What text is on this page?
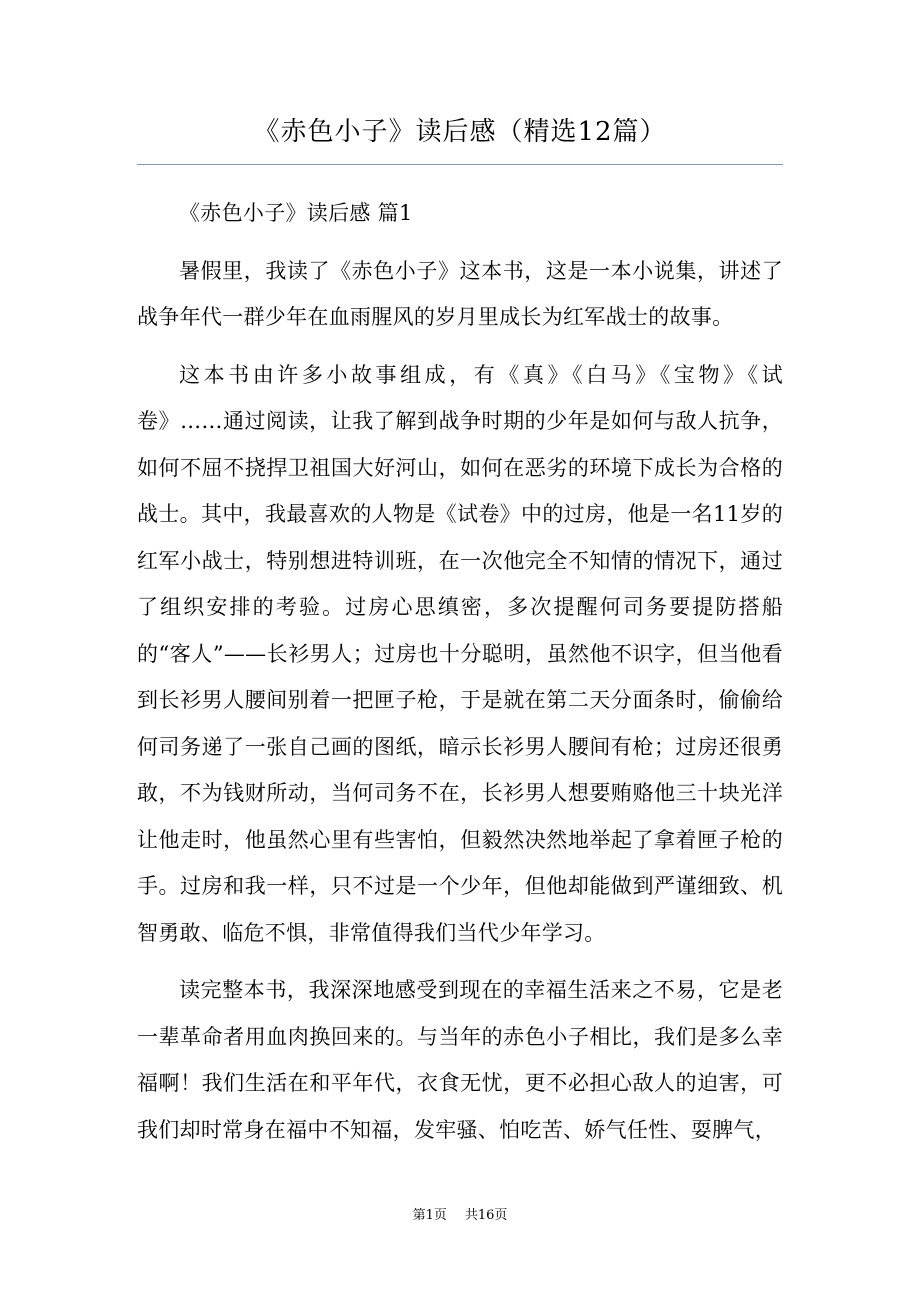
《赤色小子》读后感（精选12篇）

《赤色小子》读后感 篇1

暑假里，我读了《赤色小子》这本书，这是一本小说集，讲述了战争年代一群少年在血雨腥风的岁月里成长为红军战士的故事。

这本书由许多小故事组成，有《真》《白马》《宝物》《试卷》……通过阅读，让我了解到战争时期的少年是如何与敌人抗争，如何不屈不挠捍卫祖国大好河山，如何在恶劣的环境下成长为合格的战士。其中，我最喜欢的人物是《试卷》中的过房，他是一名11岁的红军小战士，特别想进特训班，在一次他完全不知情的情况下，通过了组织安排的考验。过房心思缜密，多次提醒何司务要提防搭船的“客人”——长衫男人；过房也十分聪明，虽然他不识字，但当他看到长衫男人腰间别着一把匣子枪，于是就在第二天分面条时，偷偷给何司务递了一张自己画的图纸，暗示长衫男人腰间有枪；过房还很勇敢，不为钱财所动，当何司务不在，长衫男人想要贿赂他三十块光洋让他走时，他虽然心里有些害怕，但毅然决然地举起了拿着匣子枪的手。过房和我一样，只不过是一个少年，但他却能做到严谨细致、机智勇敢、临危不惧，非常值得我们当代少年学习。

读完整本书，我深深地感受到现在的幸福生活来之不易，它是老一辈革命者用血肉换回来的。与当年的赤色小子相比，我们是多么幸福啊！我们生活在和平年代，衣食无忧，更不必担心敌人的迫害，可我们却时常身在福中不知福，发牢骚、怕吃苦、娇气任性、耍脾气，

第1页 共16页
